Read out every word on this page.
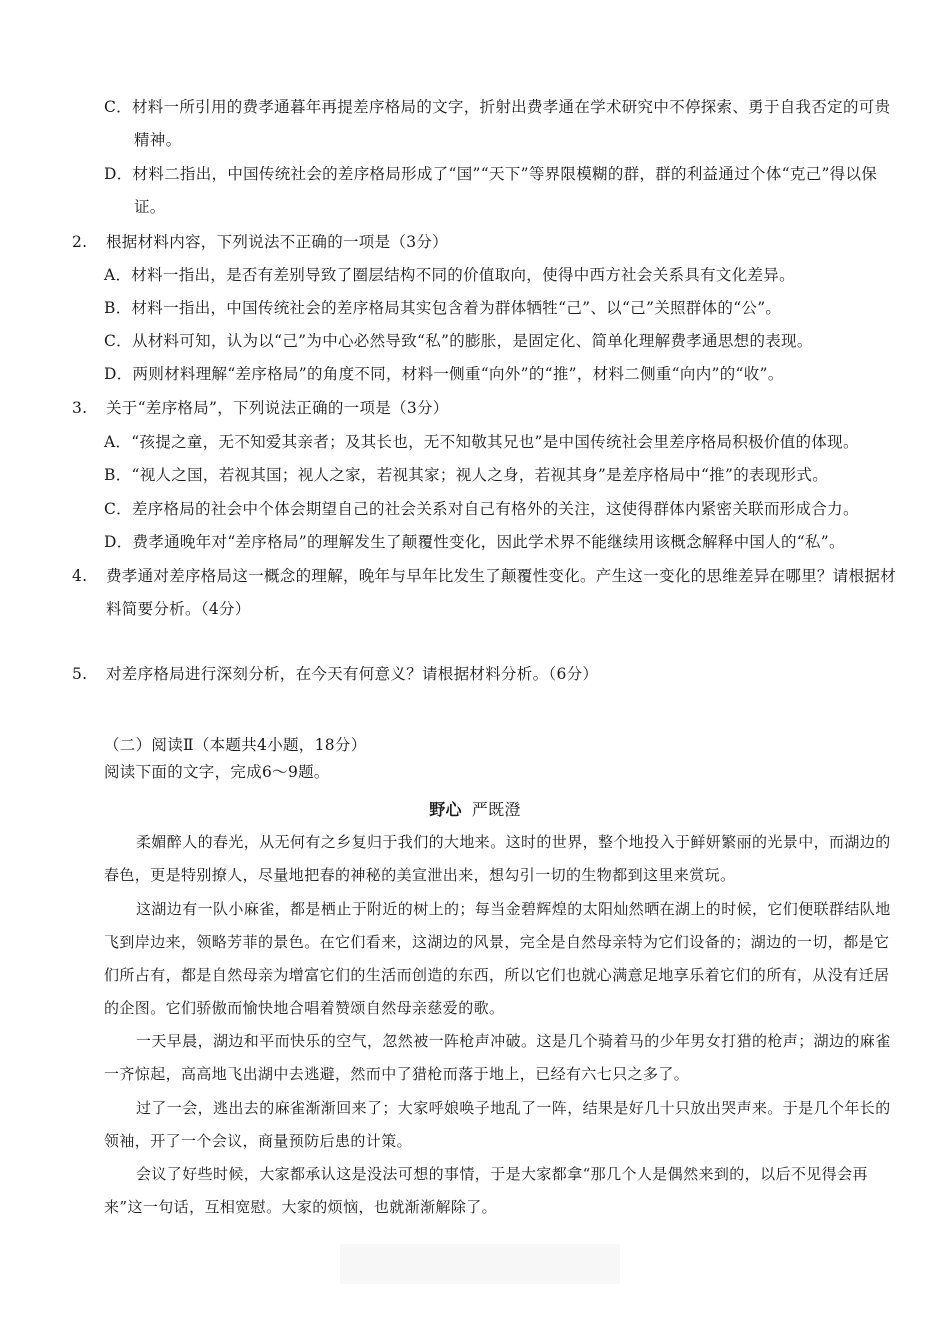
C．材料一所引用的费孝通暮年再提差序格局的文字，折射出费孝通在学术研究中不停探索、勇于自我否定的可贵精神。
D．材料二指出，中国传统社会的差序格局形成了“国”“天下”等界限模糊的群，群的利益通过个体“克己”得以保证。
2.	根据材料内容，下列说法不正确的一项是（3分）
A．材料一指出，是否有差别导致了圈层结构不同的价值取向，使得中西方社会关系具有文化差异。
B．材料一指出，中国传统社会的差序格局其实包含着为群体牺牲“己”、以“己”关照群体的“公”。
C．从材料可知，认为以“己”为中心必然导致“私”的膨胀，是固定化、简单化理解费孝通思想的表现。
D．两则材料理解“差序格局”的角度不同，材料一侧重“向外”的“推”，材料二侧重“向内”的“收”。
3.	关于“差序格局”，下列说法正确的一项是（3分）
A．“孩提之童，无不知爱其亲者；及其长也，无不知敬其兄也”是中国传统社会里差序格局积极价值的体现。
B．“视人之国，若视其国；视人之家，若视其家；视人之身，若视其身”是差序格局中“推”的表现形式。
C．差序格局的社会中个体会期望自己的社会关系对自己有格外的关注，这使得群体内紧密关联而形成合力。
D．费孝通晚年对“差序格局”的理解发生了颠覆性变化，因此学术界不能继续用该概念解释中国人的“私”。
4.	费孝通对差序格局这一概念的理解，晚年与早年比发生了颠覆性变化。产生这一变化的思维差异在哪里？请根据材料简要分析。（4分）
5.	对差序格局进行深刻分析，在今天有何意义？请根据材料分析。（6分）
（二）阅读Ⅱ（本题共4小题，18分）
阅读下面的文字，完成6～9题。
野心 严既澄
柔媚醉人的春光，从无何有之乡复归于我们的大地来。这时的世界，整个地投入于鲜妍繁丽的光景中，而湖边的春色，更是特别撩人，尽量地把春的神秘的美宣泄出来，想勾引一切的生物都到这里来赏玩。
这湖边有一队小麻雀，都是栖止于附近的树上的；每当金碧辉煌的太阳灿然晒在湖上的时候，它们便联群结队地飞到岸边来，领略芳菲的景色。在它们看来，这湖边的风景，完全是自然母亲特为它们设备的；湖边的一切，都是它们所占有，都是自然母亲为增富它们的生活而创造的东西，所以它们也就心满意足地享乐着它们的所有，从没有迁居的企图。它们骄傲而愉快地合唱着赞颂自然母亲慈爱的歌。
一天早晨，湖边和平而快乐的空气，忽然被一阵枪声冲破。这是几个骑着马的少年男女打猎的枪声；湖边的麻雀一齐惊起，高高地飞出湖中去逃避，然而中了猎枪而落于地上，已经有六七只之多了。
过了一会，逃出去的麻雀渐渐回来了；大家呼娘唤子地乱了一阵，结果是好几十只放出哭声来。于是几个年长的领袖，开了一个会议，商量预防后患的计策。
会议了好些时候，大家都承认这是没法可想的事情，于是大家都拿“那几个人是偶然来到的，以后不见得会再来”这一句话，互相宽慰。大家的烦恼，也就渐渐解除了。
